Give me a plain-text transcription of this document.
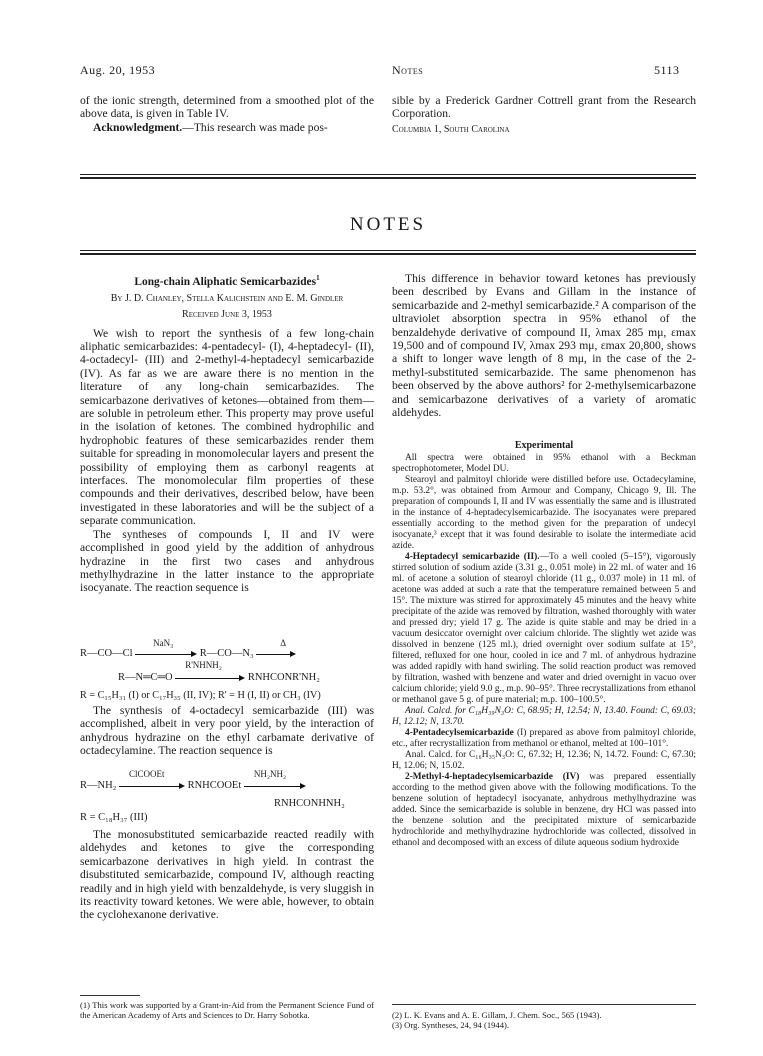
Aug. 20, 1953	Notes	5113

of the ionic strength, determined from a smoothed plot of the above data, is given in Table IV.

Acknowledgment.—This research was made pos-

sible by a Frederick Gardner Cottrell grant from the Research Corporation.

Columbia 1, South Carolina

NOTES

Long-chain Aliphatic Semicarbazides$^1$

By J. D. Chanley, Stella Kalichstein and E. M. Gindler

Received June 3, 1953

We wish to report the synthesis of a few long-chain aliphatic semicarbazides: 4-pentadecyl- (I), 4-heptadecyl- (II), 4-octadecyl- (III) and 2-methyl-4-heptadecyl semicarbazide (IV). As far as we are aware there is no mention in the literature of any long-chain semicarbazides. The semicarbazone derivatives of ketones—obtained from them—are soluble in petroleum ether. This property may prove useful in the isolation of ketones. The combined hydrophilic and hydrophobic features of these semicarbazides render them suitable for spreading in monomolecular layers and present the possibility of employing them as carbonyl reagents at interfaces. The monomolecular film properties of these compounds and their derivatives, described below, have been investigated in these laboratories and will be the subject of a separate communication.

The syntheses of compounds I, II and IV were accomplished in good yield by the addition of anhydrous hydrazine in the first two cases and anhydrous methylhydrazine in the latter instance to the appropriate isocyanate. The reaction sequence is

R—CO—Cl
NaN₃
R—CO—N₃
Δ
R—N═C═O
R'NHNH₂
RNHCONR'NH₂
R = C₁₅H₃₁ (I) or C₁₇H₃₅ (II, IV); R' = H (I, II) or CH₃ (IV)

The synthesis of 4-octadecyl semicarbazide (III) was accomplished, albeit in very poor yield, by the interaction of anhydrous hydrazine on the ethyl carbamate derivative of octadecylamine. The reaction sequence is

R—NH₂
ClCOOEt
RNHCOOEt
NH₂NH₂
RNHCONHNH₂
R = C₁₈H₃₇ (III)

The monosubstituted semicarbazide reacted readily with aldehydes and ketones to give the corresponding semicarbazone derivatives in high yield. In contrast the disubstituted semicarbazide, compound IV, although reacting readily and in high yield with benzaldehyde, is very sluggish in its reactivity toward ketones. We were able, however, to obtain the cyclohexanone derivative.

(1) This work was supported by a Grant-in-Aid from the Permanent Science Fund of the American Academy of Arts and Sciences to Dr. Harry Sobotka.

This difference in behavior toward ketones has previously been described by Evans and Gillam in the instance of semicarbazide and 2-methyl semicarbazide.² A comparison of the ultraviolet absorption spectra in 95% ethanol of the benzaldehyde derivative of compound II, λmax 285 mμ, εmax 19,500 and of compound IV, λmax 293 mμ, εmax 20,800, shows a shift to longer wave length of 8 mμ, in the case of the 2-methyl-substituted semicarbazide. The same phenomenon has been observed by the above authors² for 2-methylsemicarbazone and semicarbazone derivatives of a variety of aromatic aldehydes.

Experimental

All spectra were obtained in 95% ethanol with a Beckman spectrophotometer, Model DU.

Stearoyl and palmitoyl chloride were distilled before use. Octadecylamine, m.p. 53.2°, was obtained from Armour and Company, Chicago 9, Ill. The preparation of compounds I, II and IV was essentially the same and is illustrated in the instance of 4-heptadecylsemicarbazide. The isocyanates were prepared essentially according to the method given for the preparation of undecyl isocyanate,³ except that it was found desirable to isolate the intermediate acid azide.

4-Heptadecyl semicarbazide (II).—To a well cooled (5–15°), vigorously stirred solution of sodium azide (3.31 g., 0.051 mole) in 22 ml. of water and 16 ml. of acetone a solution of stearoyl chloride (11 g., 0.037 mole) in 11 ml. of acetone was added at such a rate that the temperature remained between 5 and 15°. The mixture was stirred for approximately 45 minutes and the heavy white precipitate of the azide was removed by filtration, washed thoroughly with water and pressed dry; yield 17 g. The azide is quite stable and may be dried in a vacuum desiccator overnight over calcium chloride. The slightly wet azide was dissolved in benzene (125 ml.), dried overnight over sodium sulfate at 15°, filtered, refluxed for one hour, cooled in ice and 7 ml. of anhydrous hydrazine was added rapidly with hand swirling. The solid reaction product was removed by filtration, washed with benzene and water and dried overnight in vacuo over calcium chloride; yield 9.0 g., m.p. 90–95°. Three recrystallizations from ethanol or methanol gave 5 g. of pure material; m.p. 100–100.5°.

Anal. Calcd. for C₁₈H₃₉N₃O: C, 68.95; H, 12.54; N, 13.40. Found: C, 69.03; H, 12.12; N, 13.70.

4-Pentadecylsemicarbazide (I) prepared as above from palmitoyl chloride, etc., after recrystallization from methanol or ethanol, melted at 100–101°.

Anal. Calcd. for C₁₆H₃₅N₃O: C, 67.32; H, 12.36; N, 14.72. Found: C, 67.30; H, 12.06; N, 15.02.

2-Methyl-4-heptadecylsemicarbazide (IV) was prepared essentially according to the method given above with the following modifications. To the benzene solution of heptadecyl isocyanate, anhydrous methylhydrazine was added. Since the semicarbazide is soluble in benzene, dry HCl was passed into the benzene solution and the precipitated mixture of semicarbazide hydrochloride and methylhydrazine hydrochloride was collected, dissolved in ethanol and decomposed with an excess of dilute aqueous sodium hydroxide

(2) L. K. Evans and A. E. Gillam, J. Chem. Soc., 565 (1943).

(3) Org. Syntheses, 24, 94 (1944).
